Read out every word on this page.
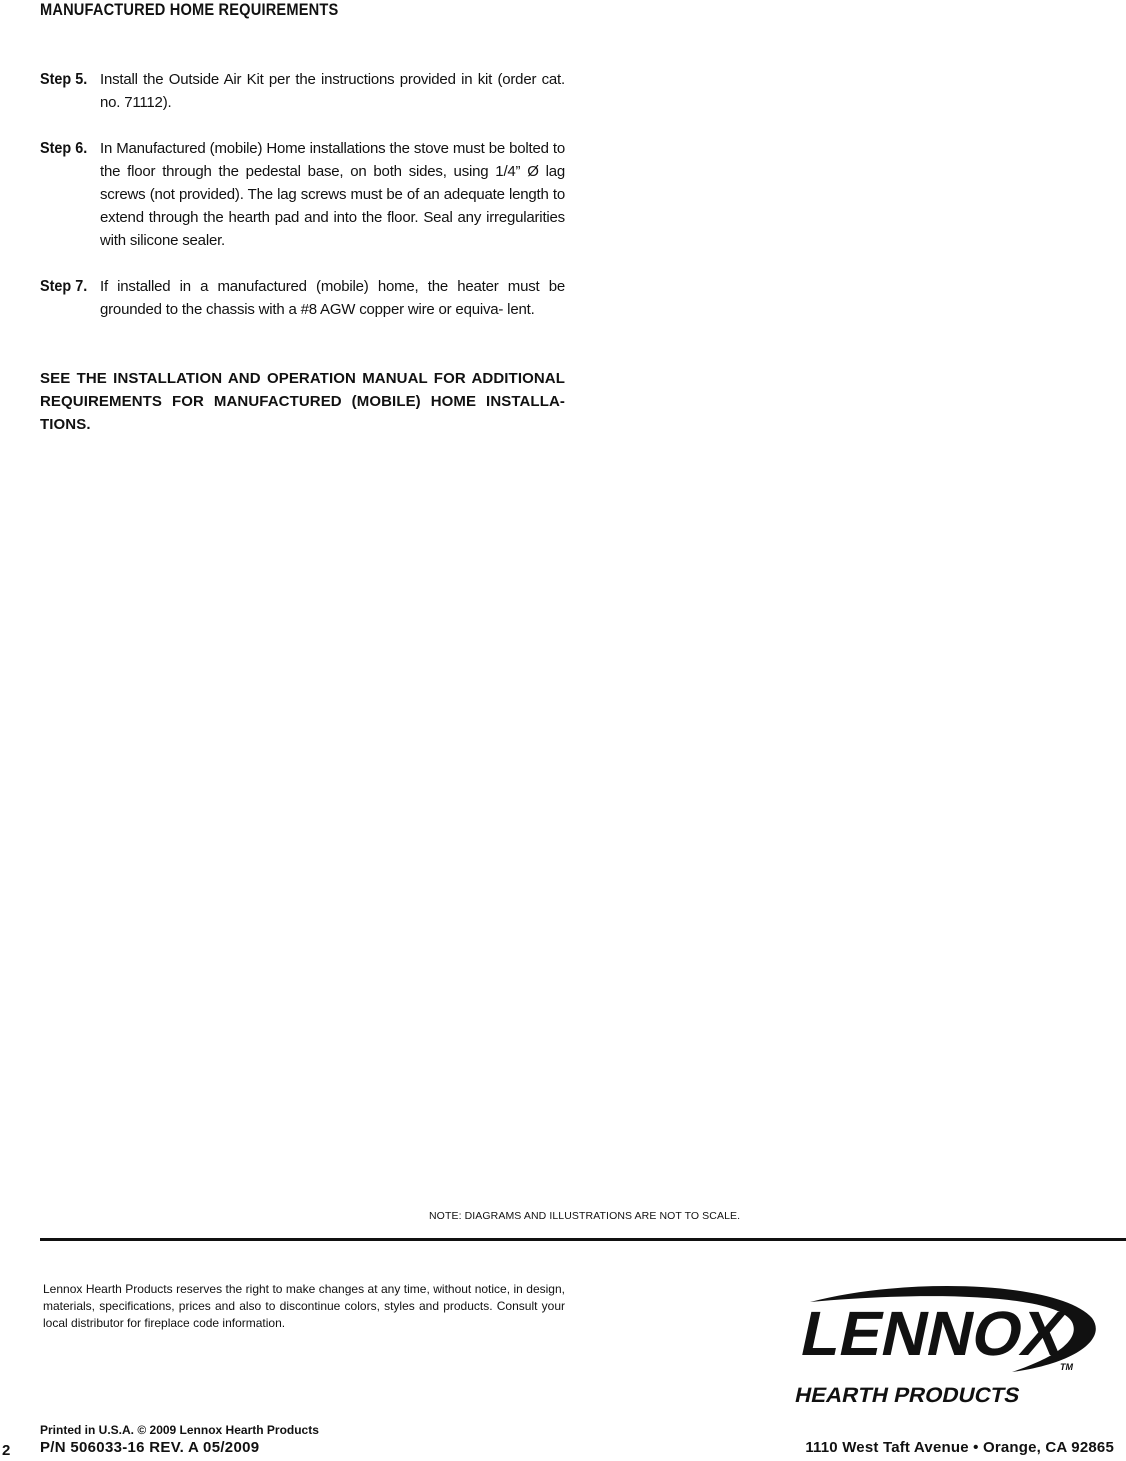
MANUFACTURED HOME REQUIREMENTS
Step 5. Install the Outside Air Kit per the instructions provided in kit (order cat. no. 71112).
Step 6. In Manufactured (mobile) Home installations the stove must be bolted to the floor through the pedestal base, on both sides, using 1/4” Ø lag screws (not provided). The lag screws must be of an adequate length to extend through the hearth pad and into the floor. Seal any irregularities with silicone sealer.
Step 7. If installed in a manufactured (mobile) home, the heater must be grounded to the chassis with a #8 AGW copper wire or equiva- lent.
SEE THE INSTALLATION AND OPERATION MANUAL FOR ADDITIONAL REQUIREMENTS FOR MANUFACTURED (MOBILE) HOME INSTALLA- TIONS.
NOTE: DIAGRAMS AND ILLUSTRATIONS ARE NOT TO SCALE.
Lennox Hearth Products reserves the right to make changes at any time, without notice, in design, materials, specifications, prices and also to discontinue colors, styles and products. Consult your local distributor for fireplace code information.	LENNOX TM
HEARTH PRODUCTS
Printed in U.S.A. © 2009 Lennox Hearth Products
2 P/N 506033-16 REV. A 05/2009	1110 West Taft Avenue • Orange, CA 92865
